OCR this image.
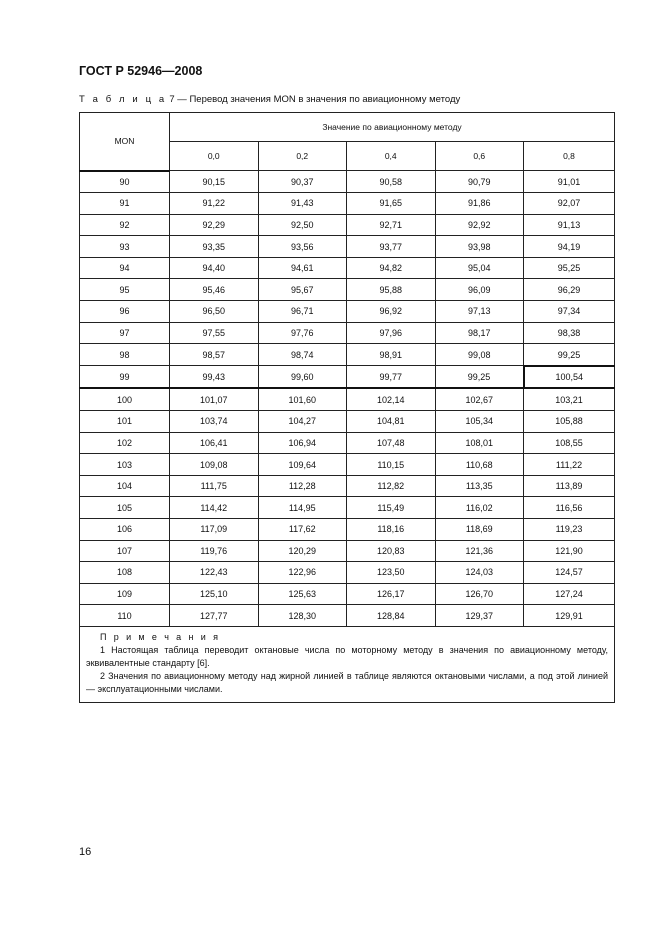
ГОСТ Р 52946—2008
Т а б л и ц а 7 — Перевод значения MON в значения по авиационному методу
MON	Значение по авиационному методу				
	0,0	0,2	0,4	0,6	0,8
90	90,15	90,37	90,58	90,79	91,01
91	91,22	91,43	91,65	91,86	92,07
92	92,29	92,50	92,71	92,92	91,13
93	93,35	93,56	93,77	93,98	94,19
94	94,40	94,61	94,82	95,04	95,25
95	95,46	95,67	95,88	96,09	96,29
96	96,50	96,71	96,92	97,13	97,34
97	97,55	97,76	97,96	98,17	98,38
98	98,57	98,74	98,91	99,08	99,25
99	99,43	99,60	99,77	99,25	100,54
100	101,07	101,60	102,14	102,67	103,21
101	103,74	104,27	104,81	105,34	105,88
102	106,41	106,94	107,48	108,01	108,55
103	109,08	109,64	110,15	110,68	111,22
104	111,75	112,28	112,82	113,35	113,89
105	114,42	114,95	115,49	116,02	116,56
106	117,09	117,62	118,16	118,69	119,23
107	119,76	120,29	120,83	121,36	121,90
108	122,43	122,96	123,50	124,03	124,57
109	125,10	125,63	126,17	126,70	127,24
110	127,77	128,30	128,84	129,37	129,91

П р и м е ч а н и я
1 Настоящая таблица переводит октановые числа по моторному методу в значения по авиационному методу, эквивалентные стандарту [6].
2 Значения по авиационному методу над жирной линией в таблице являются октановыми числами, а под этой линией — эксплуатационными числами.					
16
